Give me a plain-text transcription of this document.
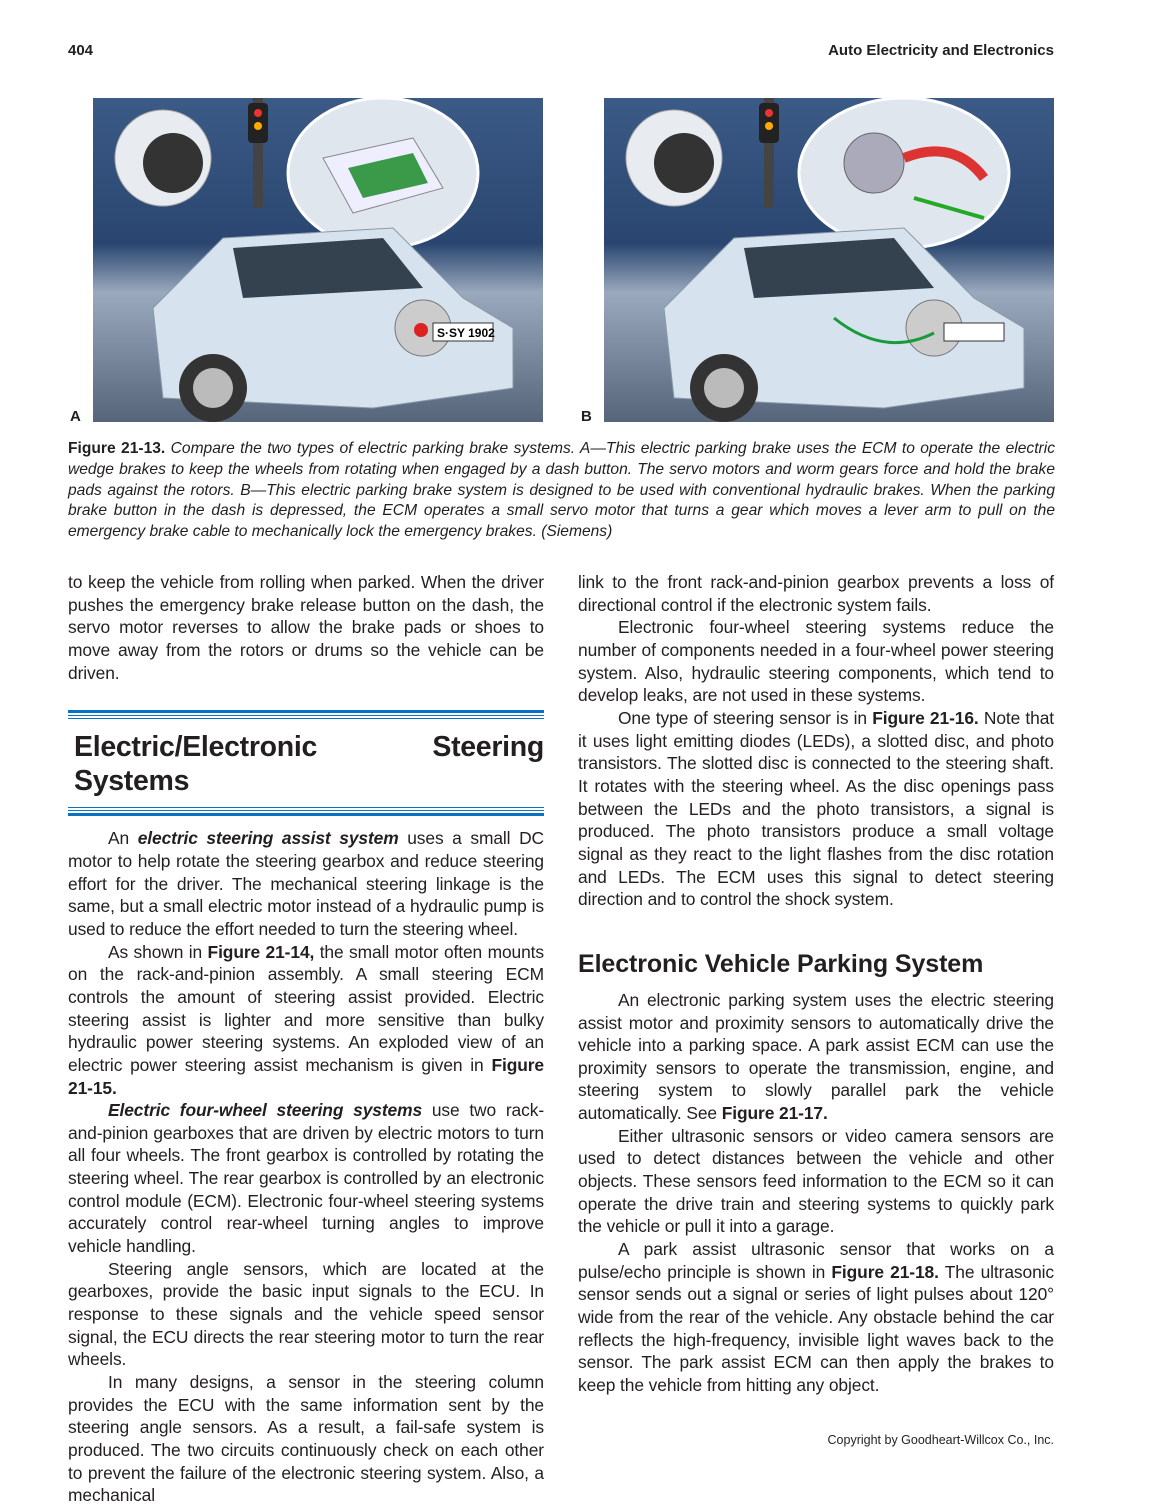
404	Auto Electricity and Electronics
S·SY 1902
A	B
Figure 21-13. Compare the two types of electric parking brake systems. A—This electric parking brake uses the ECM to operate the electric wedge brakes to keep the wheels from rotating when engaged by a dash button. The servo motors and worm gears force and hold the brake pads against the rotors. B—This electric parking brake system is designed to be used with conventional hydraulic brakes. When the parking brake button in the dash is depressed, the ECM operates a small servo motor that turns a gear which moves a lever arm to pull on the emergency brake cable to mechanically lock the emergency brakes. (Siemens)

to keep the vehicle from rolling when parked. When the driver pushes the emergency brake release button on the dash, the servo motor reverses to allow the brake pads or shoes to move away from the rotors or drums so the vehicle can be driven.

Electric/Electronic Steering Systems

An electric steering assist system uses a small DC motor to help rotate the steering gearbox and reduce steering effort for the driver. The mechanical steering linkage is the same, but a small electric motor instead of a hydraulic pump is used to reduce the effort needed to turn the steering wheel.

As shown in Figure 21-14, the small motor often mounts on the rack-and-pinion assembly. A small steering ECM controls the amount of steering assist provided. Electric steering assist is lighter and more sensitive than bulky hydraulic power steering systems. An exploded view of an electric power steering assist mechanism is given in Figure 21-15.

Electric four-wheel steering systems use two rack-and-pinion gearboxes that are driven by electric motors to turn all four wheels. The front gearbox is controlled by rotating the steering wheel. The rear gearbox is controlled by an electronic control module (ECM). Electronic four-wheel steering systems accurately control rear-wheel turning angles to improve vehicle handling.

Steering angle sensors, which are located at the gearboxes, provide the basic input signals to the ECU. In response to these signals and the vehicle speed sensor signal, the ECU directs the rear steering motor to turn the rear wheels.

In many designs, a sensor in the steering column provides the ECU with the same information sent by the steering angle sensors. As a result, a fail-safe system is produced. The two circuits continuously check on each other to prevent the failure of the electronic steering system. Also, a mechanical

link to the front rack-and-pinion gearbox prevents a loss of directional control if the electronic system fails.

Electronic four-wheel steering systems reduce the number of components needed in a four-wheel power steering system. Also, hydraulic steering components, which tend to develop leaks, are not used in these systems.

One type of steering sensor is in Figure 21-16. Note that it uses light emitting diodes (LEDs), a slotted disc, and photo transistors. The slotted disc is connected to the steering shaft. It rotates with the steering wheel. As the disc openings pass between the LEDs and the photo transistors, a signal is produced. The photo transistors produce a small voltage signal as they react to the light flashes from the disc rotation and LEDs. The ECM uses this signal to detect steering direction and to control the shock system.

Electronic Vehicle Parking System

An electronic parking system uses the electric steering assist motor and proximity sensors to automatically drive the vehicle into a parking space. A park assist ECM can use the proximity sensors to operate the transmission, engine, and steering system to slowly parallel park the vehicle automatically. See Figure 21-17.

Either ultrasonic sensors or video camera sensors are used to detect distances between the vehicle and other objects. These sensors feed information to the ECM so it can operate the drive train and steering systems to quickly park the vehicle or pull it into a garage.

A park assist ultrasonic sensor that works on a pulse/echo principle is shown in Figure 21-18. The ultrasonic sensor sends out a signal or series of light pulses about 120° wide from the rear of the vehicle. Any obstacle behind the car reflects the high-frequency, invisible light waves back to the sensor. The park assist ECM can then apply the brakes to keep the vehicle from hitting any object.

Copyright by Goodheart-Willcox Co., Inc.
